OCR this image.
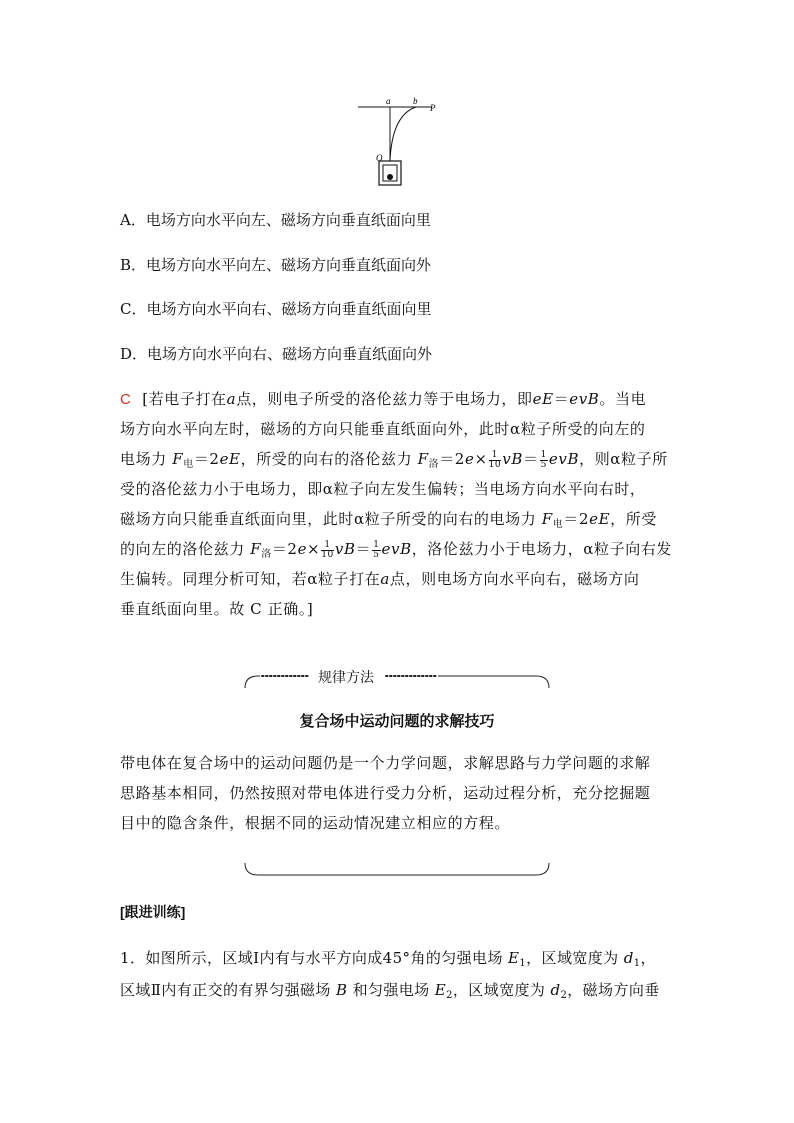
a	b
P
O
A．电场方向水平向左、磁场方向垂直纸面向里
B．电场方向水平向左、磁场方向垂直纸面向外
C．电场方向水平向右、磁场方向垂直纸面向里
D．电场方向水平向右、磁场方向垂直纸面向外
C [若电子打在a点，则电子所受的洛伦兹力等于电场力，即eE＝evB。当电
场方向水平向左时，磁场的方向只能垂直纸面向外，此时α粒子所受的向左的
电场力 $F_电=2eE$，所受的向右的洛伦兹力 $F_洛=2e\times \frac{1}{10} vB= \frac{1}{5}$ evB，则α粒子所
受的洛伦兹力小于电场力，即α粒子向左发生偏转；当电场方向水平向右时，
磁场方向只能垂直纸面向里，此时α粒子所受的向右的电场力 $F_电=2eE$，所受
的向左的洛伦兹力 $F_洛=2e\times \frac{1}{10} vB= \frac{1}{5}$ evB，洛伦兹力小于电场力，α粒子向右发
生偏转。同理分析可知，若α粒子打在a点，则电场方向水平向右，磁场方向
垂直纸面向里。故 C 正确。]
规律方法
复合场中运动问题的求解技巧
带电体在复合场中的运动问题仍是一个力学问题，求解思路与力学问题的求解
思路基本相同，仍然按照对带电体进行受力分析，运动过程分析，充分挖掘题
目中的隐含条件，根据不同的运动情况建立相应的方程。
[跟进训练]
1．如图所示，区域Ⅰ内有与水平方向成45°角的匀强电场 $E_1$，区域宽度为 $d_1$，
区域Ⅱ内有正交的有界匀强磁场 B 和匀强电场 $E_2$，区域宽度为 $d_2$，磁场方向垂
